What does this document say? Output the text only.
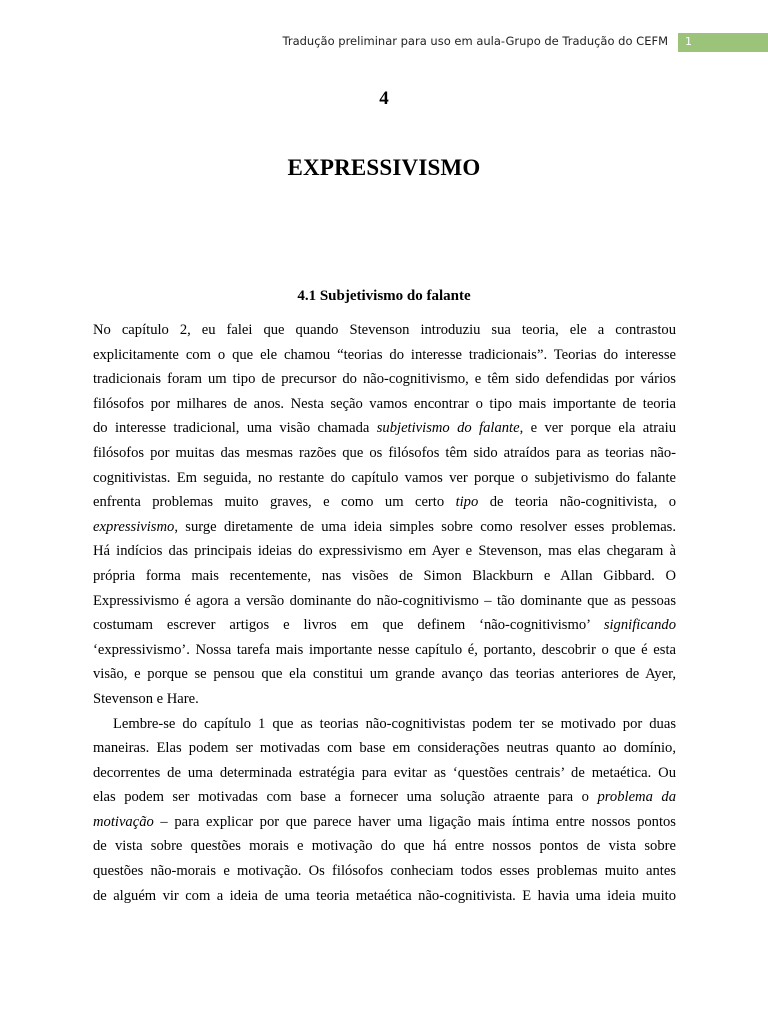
Tradução preliminar para uso em aula-Grupo de Tradução do CEFM 1
4
EXPRESSIVISMO
4.1 Subjetivismo do falante
No capítulo 2, eu falei que quando Stevenson introduziu sua teoria, ele a contrastou
explicitamente com o que ele chamou “teorias do interesse tradicionais”. Teorias do interesse
tradicionais foram um tipo de precursor do não-cognitivismo, e têm sido defendidas por vários
filósofos por milhares de anos. Nesta seção vamos encontrar o tipo mais importante de teoria
do interesse tradicional, uma visão chamada subjetivismo do falante, e ver porque ela atraiu
filósofos por muitas das mesmas razões que os filósofos têm sido atraídos para as teorias não-
cognitivistas. Em seguida, no restante do capítulo vamos ver porque o subjetivismo do falante
enfrenta problemas muito graves, e como um certo tipo de teoria não-cognitivista, o
expressivismo, surge diretamente de uma ideia simples sobre como resolver esses problemas.
Há indícios das principais ideias do expressivismo em Ayer e Stevenson, mas elas chegaram à
própria forma mais recentemente, nas visões de Simon Blackburn e Allan Gibbard. O
Expressivismo é agora a versão dominante do não-cognitivismo – tão dominante que as pessoas
costumam escrever artigos e livros em que definem ‘não-cognitivismo’ significando
‘expressivismo’. Nossa tarefa mais importante nesse capítulo é, portanto, descobrir o que é esta
visão, e porque se pensou que ela constitui um grande avanço das teorias anteriores de Ayer,
Stevenson e Hare.
Lembre-se do capítulo 1 que as teorias não-cognitivistas podem ter se motivado por duas
maneiras. Elas podem ser motivadas com base em considerações neutras quanto ao domínio,
decorrentes de uma determinada estratégia para evitar as ‘questões centrais’ de metaética. Ou
elas podem ser motivadas com base a fornecer uma solução atraente para o problema da
motivação – para explicar por que parece haver uma ligação mais íntima entre nossos pontos
de vista sobre questões morais e motivação do que há entre nossos pontos de vista sobre
questões não-morais e motivação. Os filósofos conheciam todos esses problemas muito antes
de alguém vir com a ideia de uma teoria metaética não-cognitivista. E havia uma ideia muito
